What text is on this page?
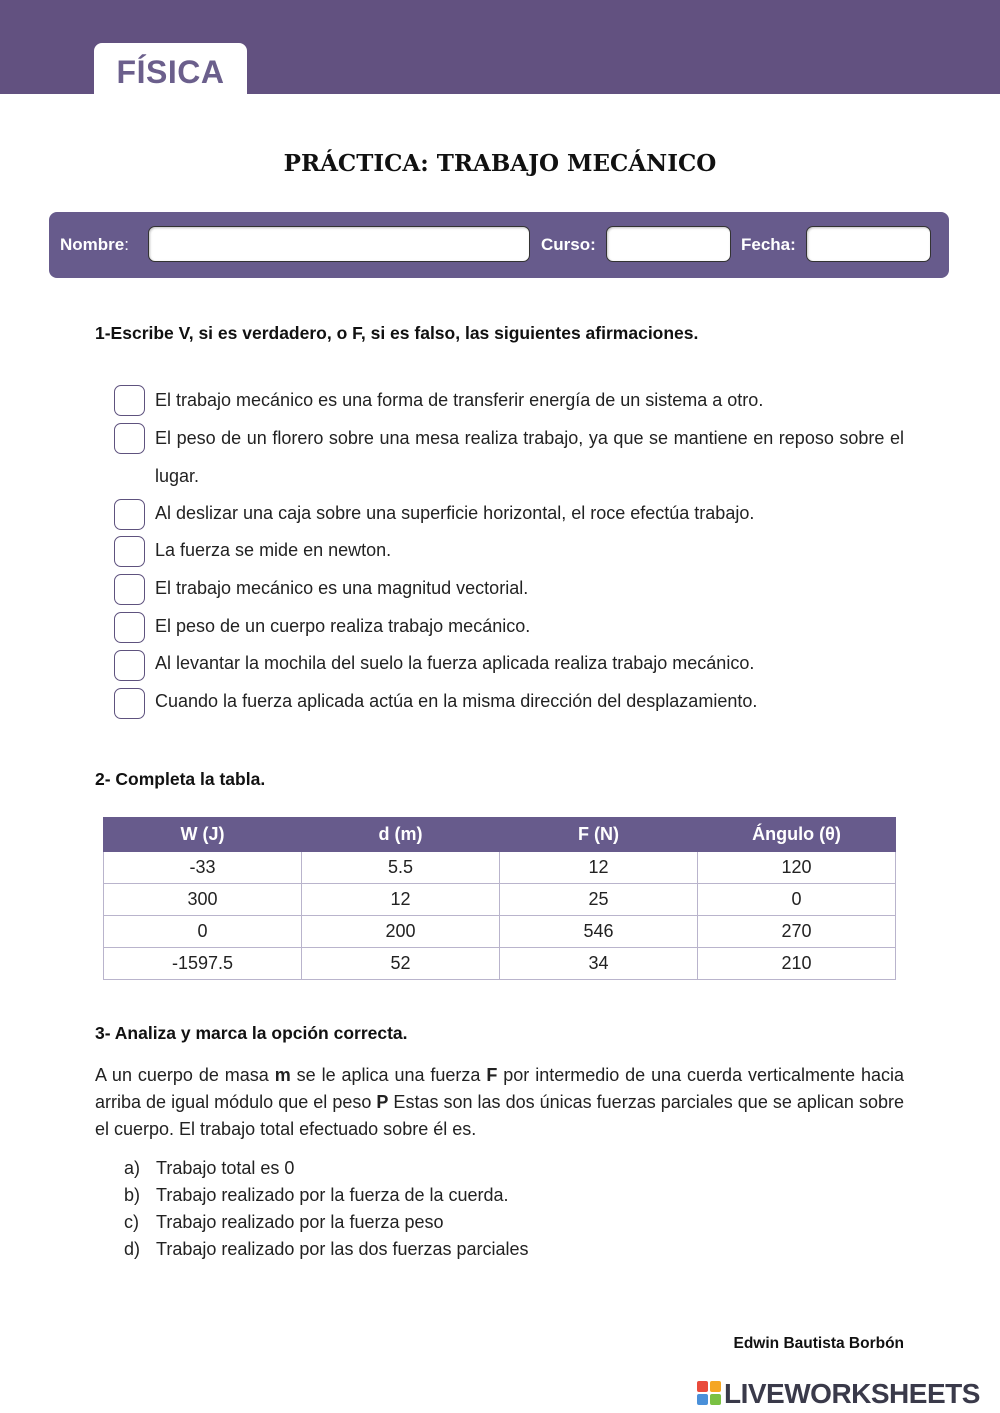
FÍSICA
PRÁCTICA: TRABAJO MECÁNICO
Nombre:	Curso:	Fecha:
1-Escribe V, si es verdadero, o F, si es falso, las siguientes afirmaciones.
El trabajo mecánico es una forma de transferir energía de un sistema a otro.
El peso de un florero sobre una mesa realiza trabajo, ya que se mantiene en reposo sobre el
lugar.
Al deslizar una caja sobre una superficie horizontal, el roce efectúa trabajo.
La fuerza se mide en newton.
El trabajo mecánico es una magnitud vectorial.
El peso de un cuerpo realiza trabajo mecánico.
Al levantar la mochila del suelo la fuerza aplicada realiza trabajo mecánico.
Cuando la fuerza aplicada actúa en la misma dirección del desplazamiento.
2- Completa la tabla.
W (J)	d (m)	F (N)	Ángulo (θ)
-33	5.5	12	120
300	12	25	0
0	200	546	270
-1597.5	52	34	210
3- Analiza y marca la opción correcta.
A un cuerpo de masa m se le aplica una fuerza F por intermedio de una cuerda verticalmente hacia arriba de igual módulo que el peso P Estas son las dos únicas fuerzas parciales que se aplican sobre el cuerpo. El trabajo total efectuado sobre él es.
a) Trabajo total es 0
b) Trabajo realizado por la fuerza de la cuerda.
c) Trabajo realizado por la fuerza peso
d) Trabajo realizado por las dos fuerzas parciales
Edwin Bautista Borbón
LIVEWORKSHEETS
